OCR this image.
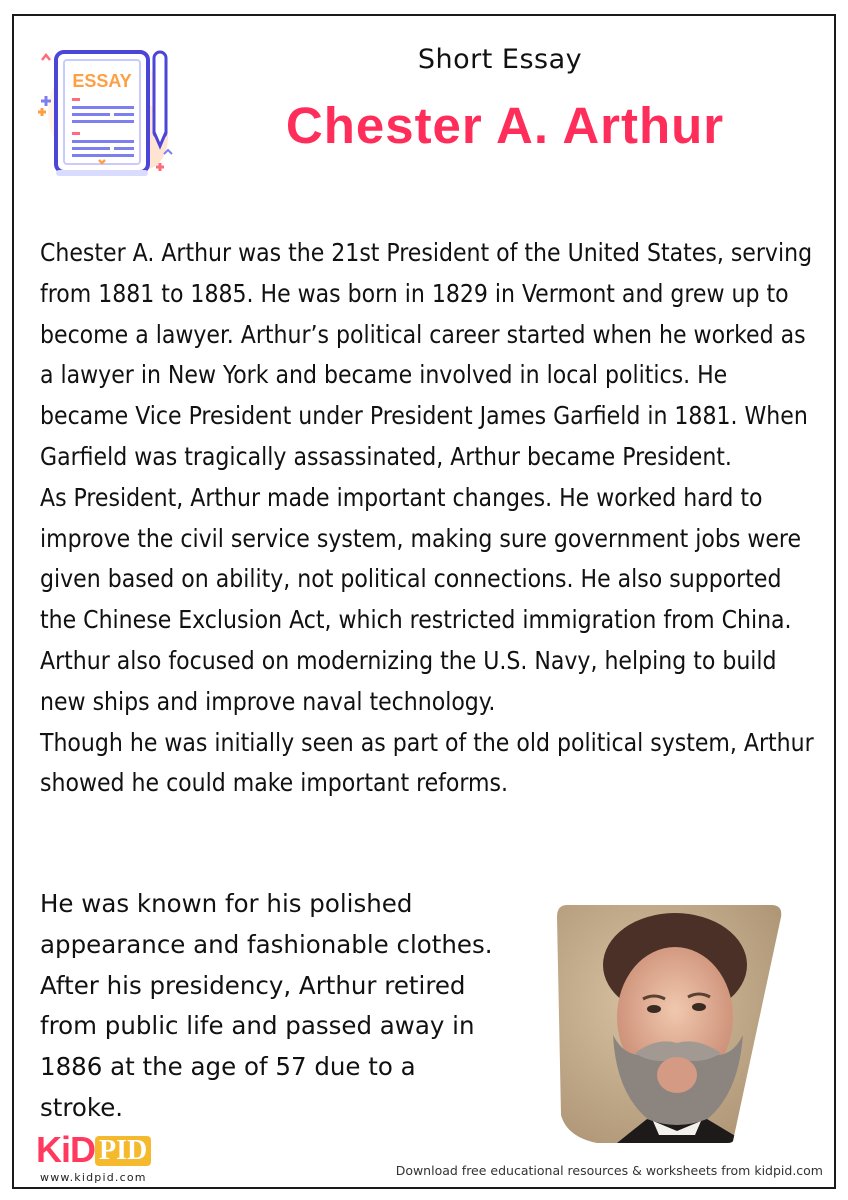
ESSAY
Short Essay
Chester A. Arthur

Chester A. Arthur was the 21st President of the United States, serving from 1881 to 1885. He was born in 1829 in Vermont and grew up to become a lawyer. Arthur’s political career started when he worked as a lawyer in New York and became involved in local politics. He became Vice President under President James Garfield in 1881. When Garfield was tragically assassinated, Arthur became President.

As President, Arthur made important changes. He worked hard to improve the civil service system, making sure government jobs were given based on ability, not political connections. He also supported the Chinese Exclusion Act, which restricted immigration from China. Arthur also focused on modernizing the U.S. Navy, helping to build new ships and improve naval technology.

Though he was initially seen as part of the old political system, Arthur showed he could make important reforms.

He was known for his polished appearance and fashionable clothes. After his presidency, Arthur retired from public life and passed away in 1886 at the age of 57 due to a stroke.
KiD PID
www.kidpid.com	Download free educational resources & worksheets from kidpid.com
